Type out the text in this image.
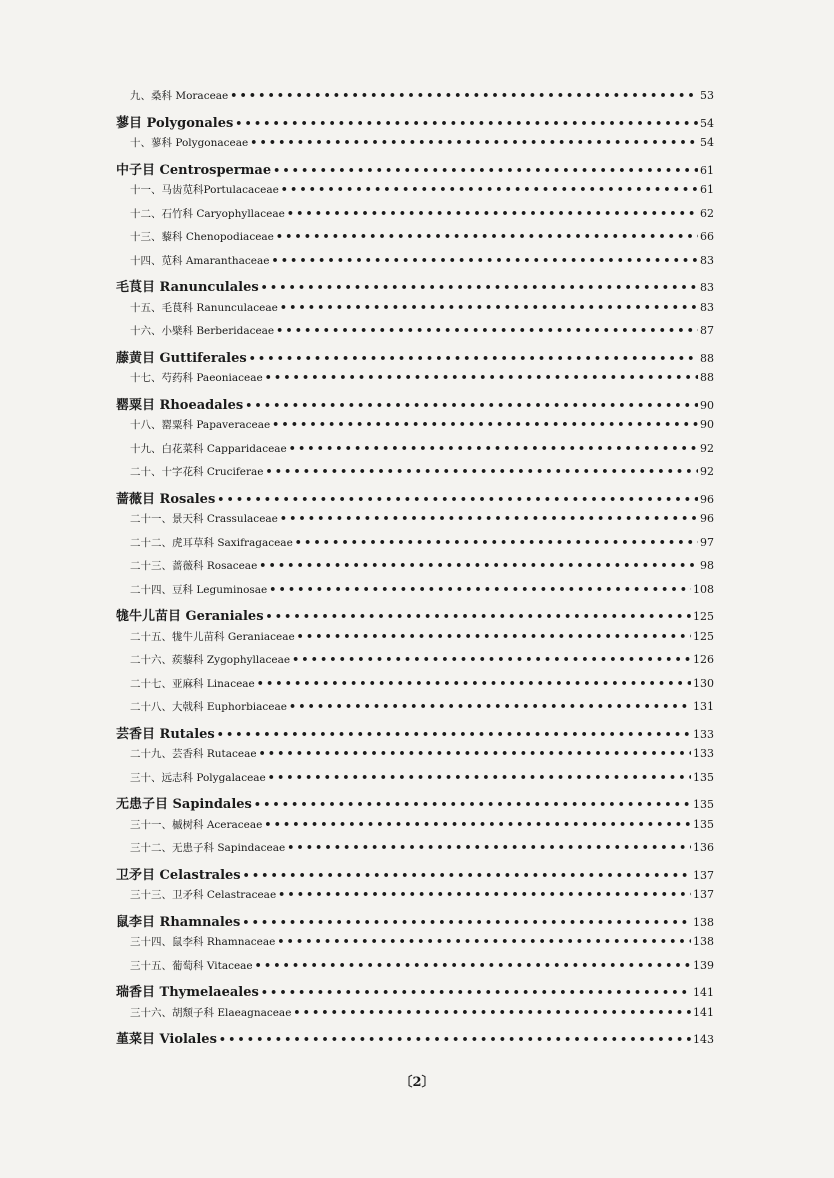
九、桑科 Moraceae •••••	53
蓼目 Polygonales •••••	54
十、蓼科 Polygonaceae •••••	54
中子目 Centrospermae •••••	61
十一、马齿苋科Portulacaceae •••••	61
十二、石竹科 Caryophyllaceae •••••	62
十三、藜科 Chenopodiaceae •••••	66
十四、苋科 Amaranthaceae •••••	83
毛茛目 Ranunculales •••••	83
十五、毛茛科 Ranunculaceae •••••	83
十六、小檗科 Berberidaceae •••••	87
藤黄目 Guttiferales •••••	88
十七、芍药科 Paeoniaceae •••••	88
罂粟目 Rhoeadales •••••	90
十八、罂粟科 Papaveraceae •••••	90
十九、白花菜科 Capparidaceae •••••	92
二十、十字花科 Cruciferae •••••	92
蔷薇目 Rosales •••••	96
二十一、景天科 Crassulaceae •••••	96
二十二、虎耳草科 Saxifragaceae •••••	97
二十三、蔷薇科 Rosaceae •••••	98
二十四、豆科 Leguminosae •••••	108
牻牛儿苗目 Geraniales •••••	125
二十五、牻牛儿苗科 Geraniaceae •••••	125
二十六、蒺藜科 Zygophyllaceae •••••	126
二十七、亚麻科 Linaceae •••••	130
二十八、大戟科 Euphorbiaceae •••••	131
芸香目 Rutales •••••	133
二十九、芸香科 Rutaceae •••••	133
三十、远志科 Polygalaceae •••••	135
无患子目 Sapindales •••••	135
三十一、槭树科 Aceraceae •••••	135
三十二、无患子科 Sapindaceae •••••	136
卫矛目 Celastrales •••••	137
三十三、卫矛科 Celastraceae •••••	137
鼠李目 Rhamnales •••••	138
三十四、鼠李科 Rhamnaceae •••••	138
三十五、葡萄科 Vitaceae •••••	139
瑞香目 Thymelaeales •••••	141
三十六、胡颓子科 Elaeagnaceae •••••	141
堇菜目 Violales •••••	143
〔2〕
